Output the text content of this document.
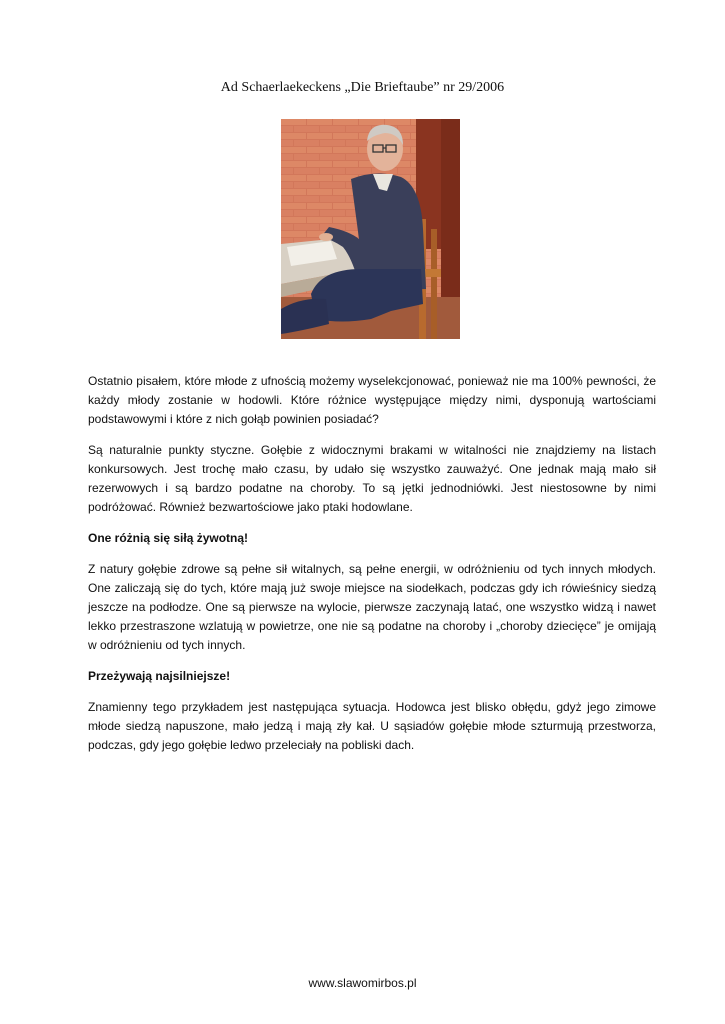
Ad Schaerlaekeckens „Die Brieftaube” nr 29/2006

Ostatnio pisałem, które młode z ufnością możemy wyselekcjonować, ponieważ nie ma 100% pewności, że każdy młody zostanie w hodowli. Które różnice występujące między nimi, dysponują wartościami podstawowymi i które z nich gołąb powinien posiadać?

Są naturalnie punkty styczne. Gołębie z widocznymi brakami w witalności nie znajdziemy na listach konkursowych. Jest trochę mało czasu, by udało się wszystko zauważyć. One jednak mają mało sił rezerwowych i są bardzo podatne na choroby. To są jętki jednodniówki. Jest niestosowne by nimi podróżować. Również bezwartościowe jako ptaki hodowlane.

One różnią się siłą żywotną!

Z natury gołębie zdrowe są pełne sił witalnych, są pełne energii, w odróżnieniu od tych innych młodych. One zaliczają się do tych, które mają już swoje miejsce na siodełkach, podczas gdy ich rówieśnicy siedzą jeszcze na podłodze. One są pierwsze na wylocie, pierwsze zaczynają latać, one wszystko widzą i nawet lekko przestraszone wzlatują w powietrze, one nie są podatne na choroby i „choroby dziecięce” je omijają w odróżnieniu od tych innych.

Przeżywają najsilniejsze!

Znamienny tego przykładem jest następująca sytuacja. Hodowca jest blisko obłędu, gdyż jego zimowe młode siedzą napuszone, mało jedzą i mają zły kał. U sąsiadów gołębie młode szturmują przestworza, podczas, gdy jego gołębie ledwo przeleciały na pobliski dach.

www.slawomirbos.pl
